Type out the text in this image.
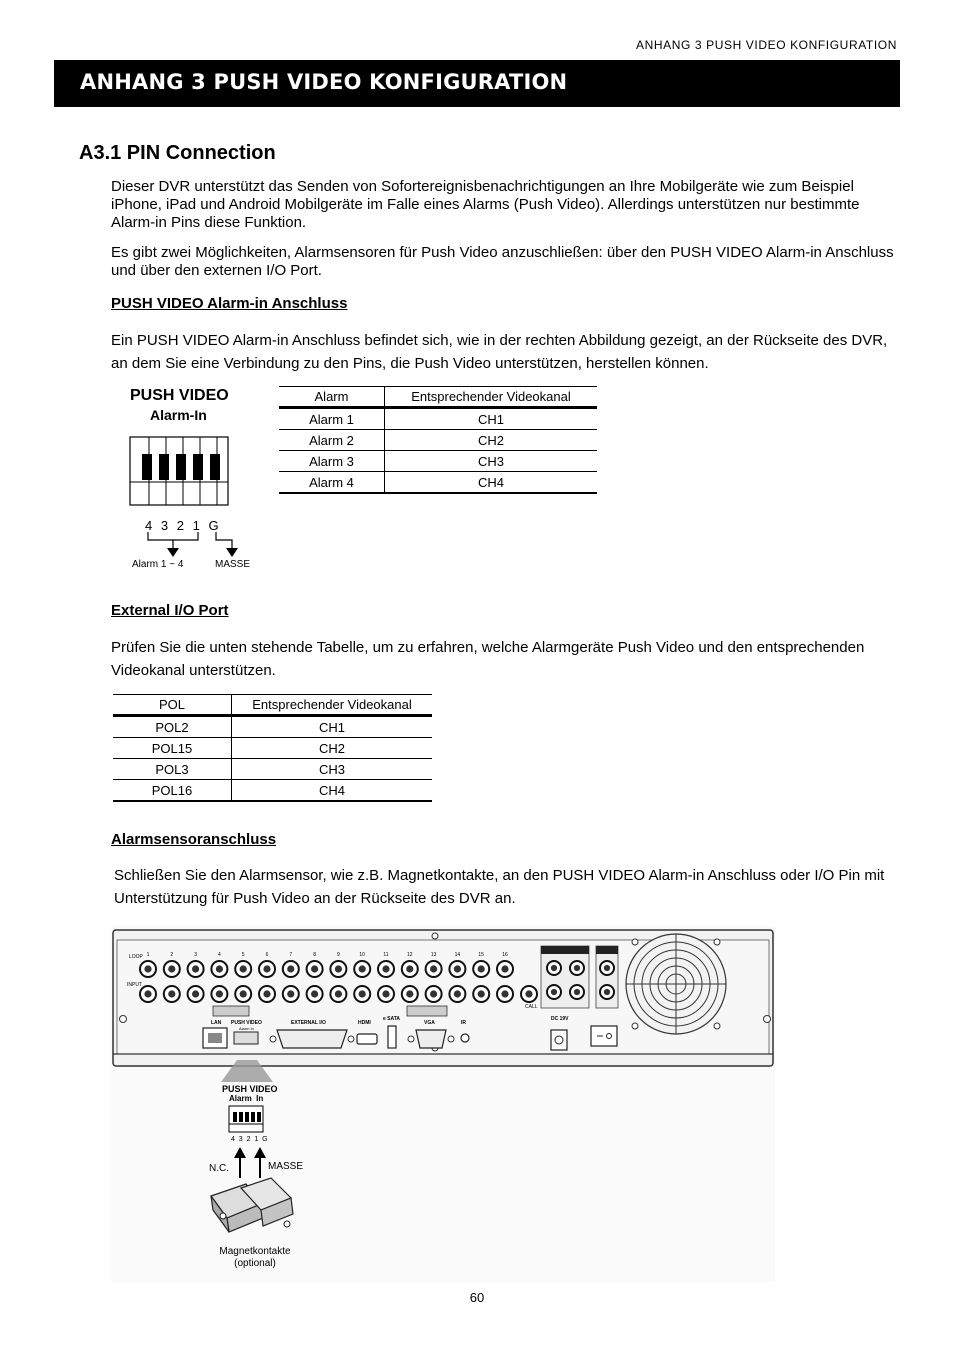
ANHANG 3 PUSH VIDEO KONFIGURATION
ANHANG 3 PUSH VIDEO KONFIGURATION
A3.1 PIN Connection
Dieser DVR unterstützt das Senden von Sofortereignisbenachrichtigungen an Ihre Mobilgeräte wie zum Beispiel iPhone, iPad und Android Mobilgeräte im Falle eines Alarms (Push Video). Allerdings unterstützen nur bestimmte Alarm-in Pins diese Funktion.
Es gibt zwei Möglichkeiten, Alarmsensoren für Push Video anzuschließen: über den PUSH VIDEO Alarm-in Anschluss und über den externen I/O Port.
PUSH VIDEO Alarm-in Anschluss
Ein PUSH VIDEO Alarm-in Anschluss befindet sich, wie in der rechten Abbildung gezeigt, an der Rückseite des DVR, an dem Sie eine Verbindung zu den Pins, die Push Video unterstützen, herstellen können.
PUSH VIDEO
Alarm-In
4 3 2 1 G
Alarm 1 ~ 4	MASSE
Alarm	Entsprechender Videokanal
Alarm 1	CH1
Alarm 2	CH2
Alarm 3	CH3
Alarm 4	CH4
External I/O Port
Prüfen Sie die unten stehende Tabelle, um zu erfahren, welche Alarmgeräte Push Video und den entsprechenden Videokanal unterstützen.
POL	Entsprechender Videokanal
POL2	CH1
POL15	CH2
POL3	CH3
POL16	CH4
Alarmsensoranschluss
Schließen Sie den Alarmsensor, wie z.B. Magnetkontakte, an den PUSH VIDEO Alarm-in Anschluss oder I/O Pin mit Unterstützung für Push Video an der Rückseite des DVR an.
1	2	3	4	5	6	7	8	9	10	11	12	13	14	15	16
LOOP
INPUT
LAN PUSH VIDEO
Alarm In
EXTERNAL I/O	HDMI
e SATA
VGA	IR
CALL
DC 19V
PUSH VIDEO
Alarm  In
4  3  2  1  G
N.C.	MASSE
Magnetkontakte
(optional)
60
